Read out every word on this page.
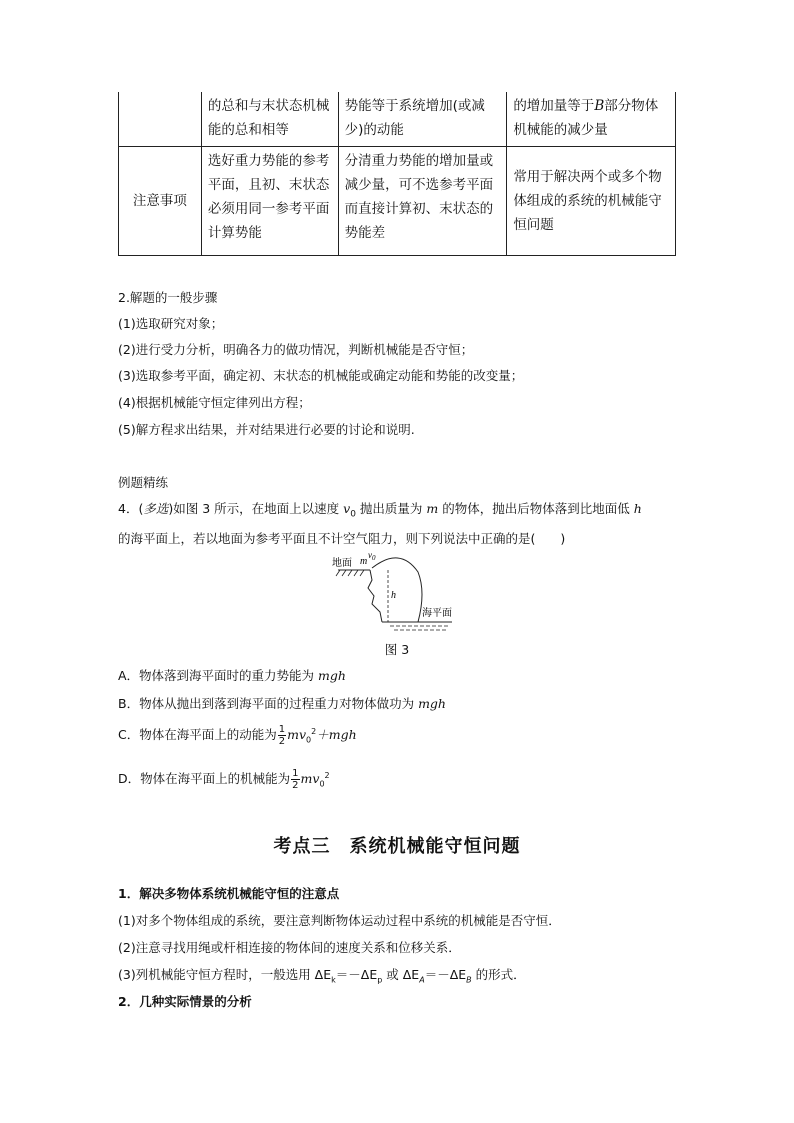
	的总和与末状态机械能的总和相等	势能等于系统增加(或减少)的动能	的增加量等于B部分物体机械能的减少量
注意事项	选好重力势能的参考平面，且初、末状态必须用同一参考平面计算势能	分清重力势能的增加量或减少量，可不选参考平面而直接计算初、末状态的势能差	常用于解决两个或多个物体组成的系统的机械能守恒问题
2.解题的一般步骤
(1)选取研究对象；
(2)进行受力分析，明确各力的做功情况，判断机械能是否守恒；
(3)选取参考平面，确定初、末状态的机械能或确定动能和势能的改变量；
(4)根据机械能守恒定律列出方程；
(5)解方程求出结果，并对结果进行必要的讨论和说明.
例题精练
4．(多选)如图 3 所示，在地面上以速度 $v_0$ 抛出质量为 m 的物体，抛出后物体落到比地面低 h
的海平面上，若以地面为参考平面且不计空气阻力，则下列说法中正确的是(　　)
地面 m
$v_0$
h
海平面
图 3
A．物体落到海平面时的重力势能为 mgh
B．物体从抛出到落到海平面的过程重力对物体做功为 mgh
C．物体在海平面上的动能为 $\frac{1}{2} mv_0^2+mgh$
D．物体在海平面上的机械能为 $\frac{1}{2} mv_0^2$
考点三　系统机械能守恒问题
1．解决多物体系统机械能守恒的注意点
(1)对多个物体组成的系统，要注意判断物体运动过程中系统的机械能是否守恒．
(2)注意寻找用绳或杆相连接的物体间的速度关系和位移关系．
(3)列机械能守恒方程时，一般选用 $\Delta E_k=-\Delta E_p$ 或 $\Delta E_A=-\Delta E_B$ 的形式．
2．几种实际情景的分析
